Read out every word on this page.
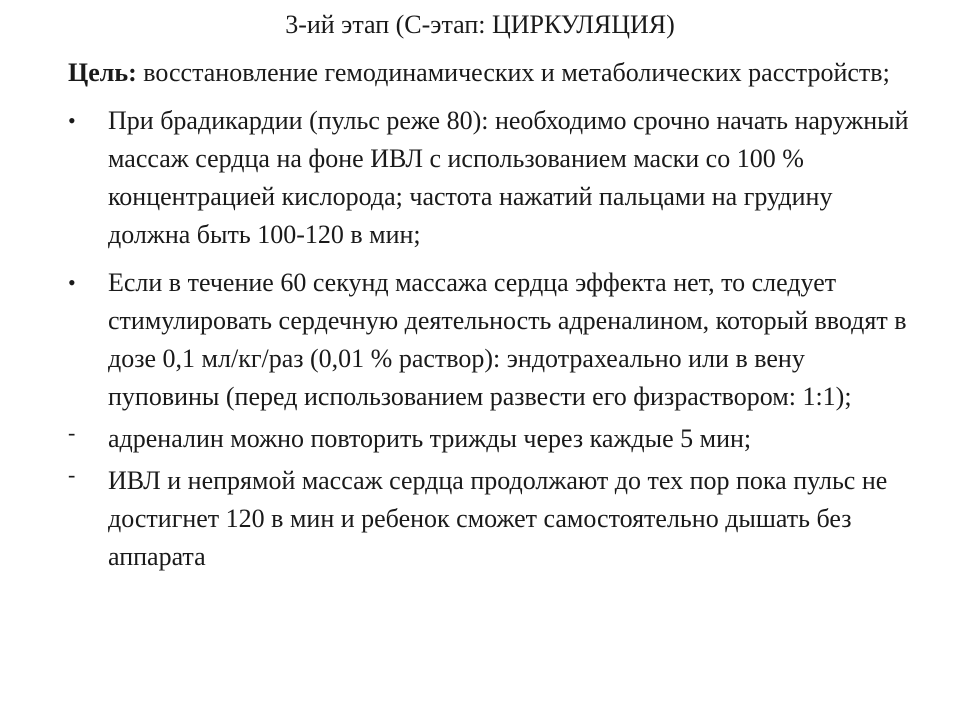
3-ий этап (С-этап: ЦИРКУЛЯЦИЯ)

Цель: восстановление гемодинамических и метаболических расстройств;

•	При брадикардии (пульс реже 80): необходимо срочно начать наружный массаж сердца на фоне ИВЛ с использованием маски со 100 % концентрацией кислорода; частота нажатий пальцами на грудину должна быть 100-120 в мин;
•	Если в течение 60 секунд массажа сердца эффекта нет, то следует стимулировать сердечную деятельность адреналином, который вводят в дозе 0,1 мл/кг/раз (0,01 % раствор): эндотрахеально или в вену пуповины (перед использованием развести его физраствором: 1:1);
-	адреналин можно повторить трижды через каждые 5 мин;
-	ИВЛ и непрямой массаж сердца продолжают до тех пор пока пульс не достигнет 120 в мин и ребенок сможет самостоятельно дышать без аппарата
